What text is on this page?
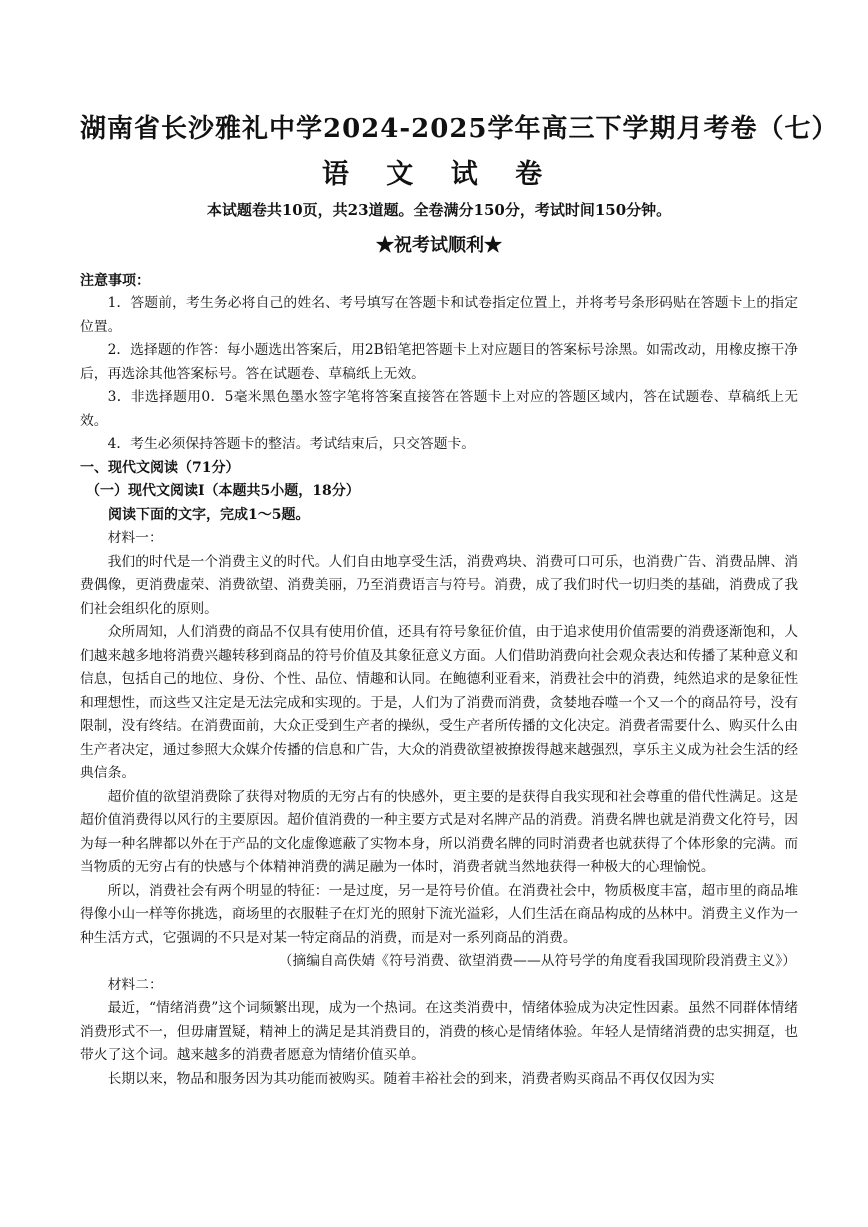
湖南省长沙雅礼中学2024-2025学年高三下学期月考卷（七）
语 文 试 卷
本试题卷共10页，共23道题。全卷满分150分，考试时间150分钟。
★祝考试顺利★
注意事项：

1．答题前，考生务必将自己的姓名、考号填写在答题卡和试卷指定位置上，并将考号条形码贴在答题卡上的指定位置。

2．选择题的作答：每小题选出答案后，用2B铅笔把答题卡上对应题目的答案标号涂黑。如需改动，用橡皮擦干净后，再选涂其他答案标号。答在试题卷、草稿纸上无效。

3．非选择题用0．5毫米黑色墨水签字笔将答案直接答在答题卡上对应的答题区域内，答在试题卷、草稿纸上无效。

4．考生必须保持答题卡的整洁。考试结束后，只交答题卡。

一、现代文阅读（71分）

（一）现代文阅读Ⅰ（本题共5小题，18分）

阅读下面的文字，完成1～5题。

材料一：

我们的时代是一个消费主义的时代。人们自由地享受生活，消费鸡块、消费可口可乐，也消费广告、消费品牌、消费偶像，更消费虚荣、消费欲望、消费美丽，乃至消费语言与符号。消费，成了我们时代一切归类的基础，消费成了我们社会组织化的原则。

众所周知，人们消费的商品不仅具有使用价值，还具有符号象征价值，由于追求使用价值需要的消费逐渐饱和，人们越来越多地将消费兴趣转移到商品的符号价值及其象征意义方面。人们借助消费向社会观众表达和传播了某种意义和信息，包括自己的地位、身份、个性、品位、情趣和认同。在鲍德利亚看来，消费社会中的消费，纯然追求的是象征性和理想性，而这些又注定是无法完成和实现的。于是，人们为了消费而消费，贪婪地吞噬一个又一个的商品符号，没有限制，没有终结。在消费面前，大众正受到生产者的操纵，受生产者所传播的文化决定。消费者需要什么、购买什么由生产者决定，通过参照大众媒介传播的信息和广告，大众的消费欲望被撩拨得越来越强烈，享乐主义成为社会生活的经典信条。

超价值的欲望消费除了获得对物质的无穷占有的快感外，更主要的是获得自我实现和社会尊重的借代性满足。这是超价值消费得以风行的主要原因。超价值消费的一种主要方式是对名牌产品的消费。消费名牌也就是消费文化符号，因为每一种名牌都以外在于产品的文化虚像遮蔽了实物本身，所以消费名牌的同时消费者也就获得了个体形象的完满。而当物质的无穷占有的快感与个体精神消费的满足融为一体时，消费者就当然地获得一种极大的心理愉悦。

所以，消费社会有两个明显的特征：一是过度，另一是符号价值。在消费社会中，物质极度丰富，超市里的商品堆得像小山一样等你挑选，商场里的衣服鞋子在灯光的照射下流光溢彩，人们生活在商品构成的丛林中。消费主义作为一种生活方式，它强调的不只是对某一特定商品的消费，而是对一系列商品的消费。

（摘编自高佚婧《符号消费、欲望消费——从符号学的角度看我国现阶段消费主义》）

材料二：

最近，“情绪消费”这个词频繁出现，成为一个热词。在这类消费中，情绪体验成为决定性因素。虽然不同群体情绪消费形式不一，但毋庸置疑，精神上的满足是其消费目的，消费的核心是情绪体验。年轻人是情绪消费的忠实拥趸，也带火了这个词。越来越多的消费者愿意为情绪价值买单。

长期以来，物品和服务因为其功能而被购买。随着丰裕社会的到来，消费者购买商品不再仅仅因为实
